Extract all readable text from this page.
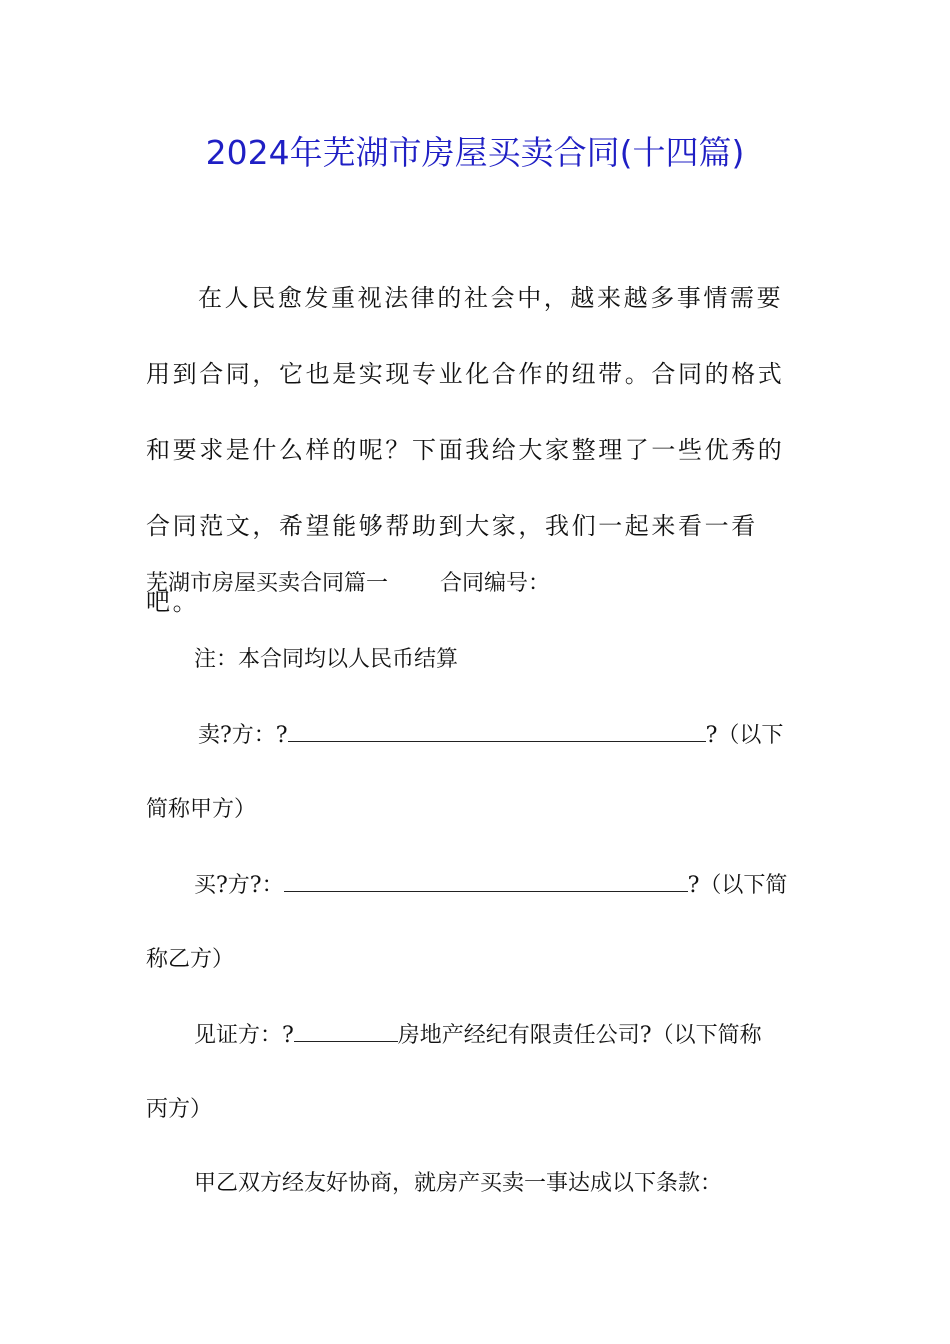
2024年芜湖市房屋买卖合同(十四篇)

在人民愈发重视法律的社会中，越来越多事情需要用到合同，它也是实现专业化合作的纽带。合同的格式和要求是什么样的呢？下面我给大家整理了一些优秀的合同范文，希望能够帮助到大家，我们一起来看一看吧。

芜湖市房屋买卖合同篇一 合同编号：
注：本合同均以人民币结算
卖?方：?	?（以下
简称甲方）
买?方?：	?（以下简
称乙方）
见证方：?	房地产经纪有限责任公司?（以下简称
丙方）
甲乙双方经友好协商，就房产买卖一事达成以下条款：
